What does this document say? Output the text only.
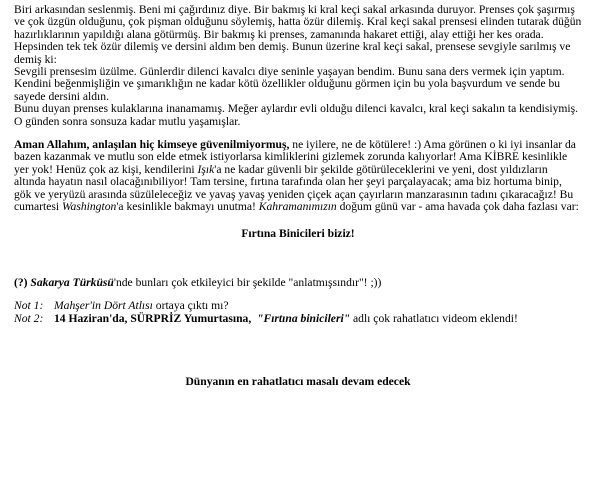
Biri arkasından seslenmiş. Beni mi çağırdınız diye. Bir bakmış ki kral keçi sakal arkasında duruyor. Prenses çok şaşırmış ve çok üzgün olduğunu, çok pişman olduğunu söylemiş, hatta özür dilemiş. Kral keçi sakal prensesi elinden tutarak düğün hazırlıklarının yapıldığı alana götürmüş. Bir bakmış ki prenses, zamanında hakaret ettiği, alay ettiği her kes orada. Hepsinden tek tek özür dilemiş ve dersini aldım ben demiş. Bunun üzerine kral keçi sakal, prensese sevgiyle sarılmış ve demiş ki:

Sevgili prensesim üzülme. Günlerdir dilenci kavalcı diye seninle yaşayan bendim. Bunu sana ders vermek için yaptım. Kendini beğenmişliğin ve şımarıklığın ne kadar kötü özellikler olduğunu görmen için bu yola başvurdum ve sende bu sayede dersini aldın.

Bunu duyan prenses kulaklarına inanamamış. Meğer aylardır evli olduğu dilenci kavalcı, kral keçi sakalın ta kendisiymiş. O günden sonra sonsuza kadar mutlu yaşamışlar.

Aman Allahım, anlaşılan hiç kimseye güvenilmiyormuş, ne iyilere, ne de kötülere! :) Ama görünen o ki iyi insanlar da bazen kazanmak ve mutlu son elde etmek istiyorlarsa kimliklerini gizlemek zorunda kalıyorlar! Ama KİBRE kesinlikle yer yok! Henüz çok az kişi, kendilerini Işık'a ne kadar güvenli bir şekilde götürüleceklerini ve yeni, dost yıldızların altında hayatın nasıl olacağınıbiliyor! Tam tersine, fırtına tarafında olan her şeyi parçalayacak; ama biz hortuma binip, gök ve yeryüzü arasında süzüleleceğiz ve yavaş yavaş yeniden çiçek açan çayırların manzarasının tadını çıkaracağız! Bu cumartesi Washington'a kesinlikle bakmayı unutma! Kahramanımızın doğum günü var - ama havada çok daha fazlası var:

Fırtına Binicileri biziz!

(?) Sakarya Türküsü'nde bunları çok etkileyici bir şekilde "anlatmışsındır"! ;))

Not 1: Mahşer'in Dört Atlısı ortaya çıktı mı?

Not 2: 14 Haziran'da, SÜRPRİZ Yumurtasına, "Fırtına binicileri" adlı çok rahatlatıcı videom eklendi!

Dünyanın en rahatlatıcı masalı devam edecek
